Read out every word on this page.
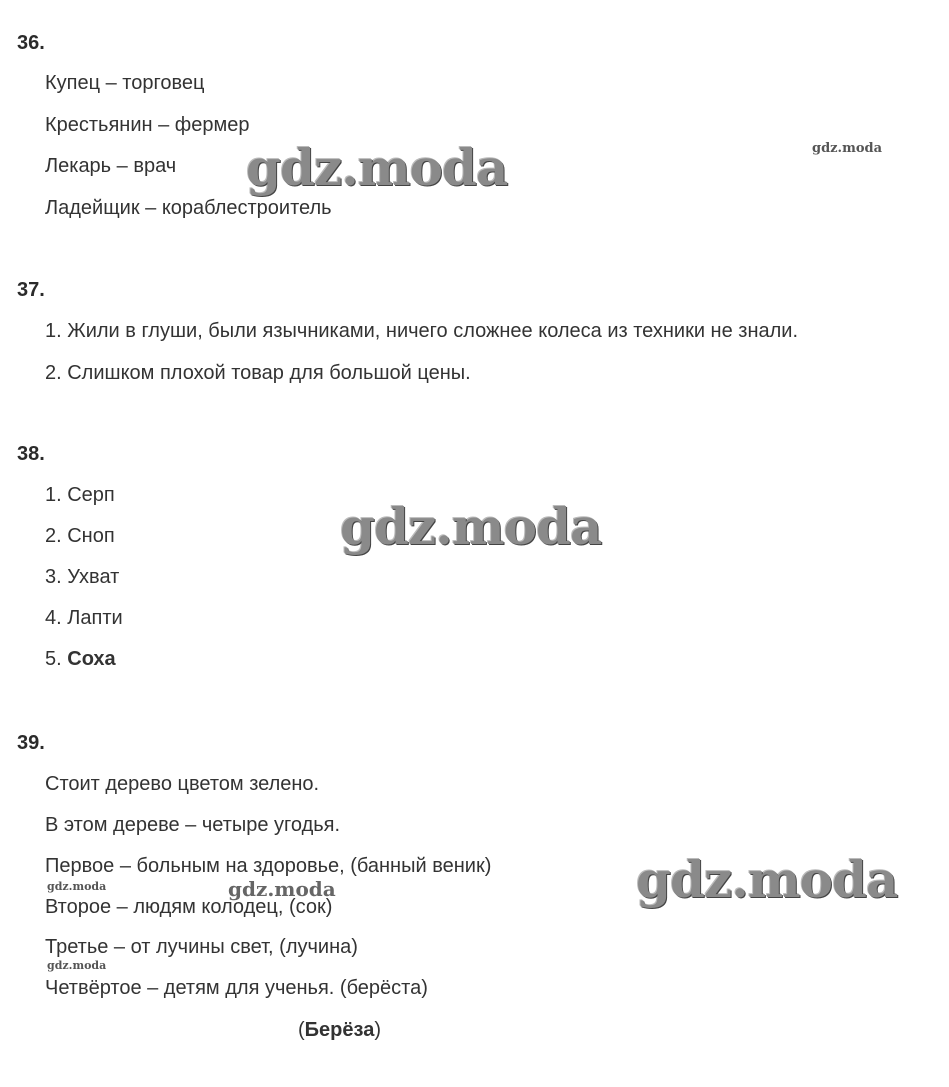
36.
Купец – торговец
Крестьянин – фермер
Лекарь – врач
Ладейщик – кораблестроитель
37.
1. Жили в глуши, были язычниками, ничего сложнее колеса из техники не знали.
2. Слишком плохой товар для большой цены.
38.
1. Серп
2. Сноп
3. Ухват
4. Лапти
5. Соха
39.
Стоит дерево цветом зелено.
В этом дереве – четыре угодья.
Первое – больным на здоровье, (банный веник)
Второе – людям колодец, (сок)
Третье – от лучины свет, (лучина)
Четвёртое – детям для ученья. (берёста)
(Берёза)
gdz.moda	gdz.moda
gdz.moda
gdz.moda
gdz.moda
gdz.moda
gdz.moda
